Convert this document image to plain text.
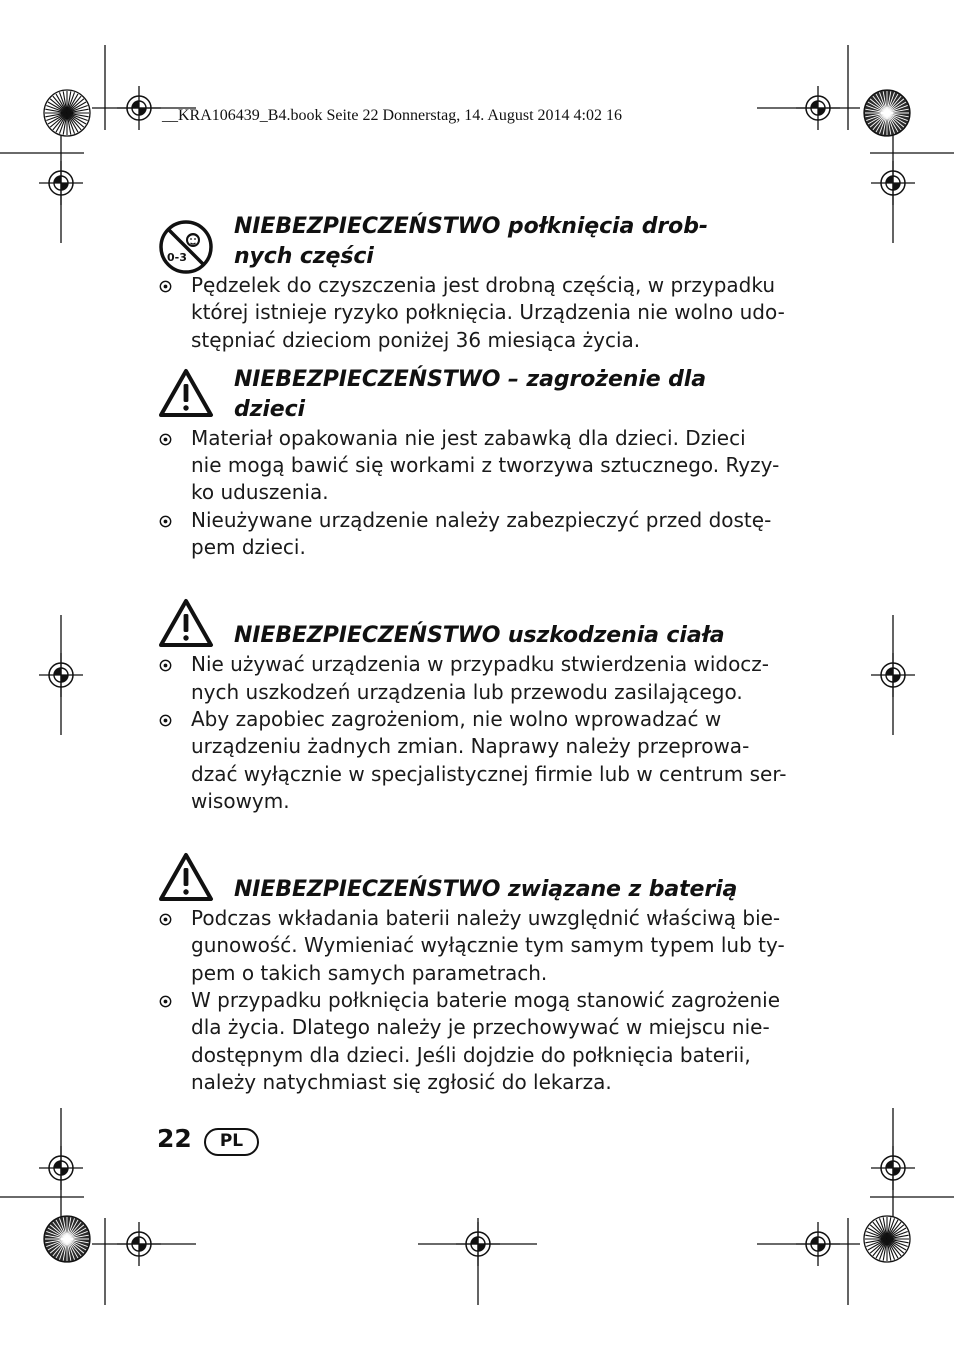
__KRA106439_B4.book Seite 22 Donnerstag, 14. August 2014 4:02 16
0-3
NIEBEZPIECZEŃSTWO połknięcia drob-
nych części
Pędzelek do czyszczenia jest drobną częścią, w przypadku
której istnieje ryzyko połknięcia. Urządzenia nie wolno udo-
stępniać dzieciom poniżej 36 miesiąca życia.
NIEBEZPIECZEŃSTWO – zagrożenie dla
dzieci
Materiał opakowania nie jest zabawką dla dzieci. Dzieci
nie mogą bawić się workami z tworzywa sztucznego. Ryzy-
ko uduszenia.
Nieużywane urządzenie należy zabezpieczyć przed dostę-
pem dzieci.
NIEBEZPIECZEŃSTWO uszkodzenia ciała
Nie używać urządzenia w przypadku stwierdzenia widocz-
nych uszkodzeń urządzenia lub przewodu zasilającego.
Aby zapobiec zagrożeniom, nie wolno wprowadzać w
urządzeniu żadnych zmian. Naprawy należy przeprowa-
dzać wyłącznie w specjalistycznej firmie lub w centrum ser-
wisowym.
NIEBEZPIECZEŃSTWO związane z baterią
Podczas wkładania baterii należy uwzględnić właściwą bie-
gunowość. Wymieniać wyłącznie tym samym typem lub ty-
pem o takich samych parametrach.
W przypadku połknięcia baterie mogą stanowić zagrożenie
dla życia. Dlatego należy je przechowywać w miejscu nie-
dostępnym dla dzieci. Jeśli dojdzie do połknięcia baterii,
należy natychmiast się zgłosić do lekarza.
22	PL
